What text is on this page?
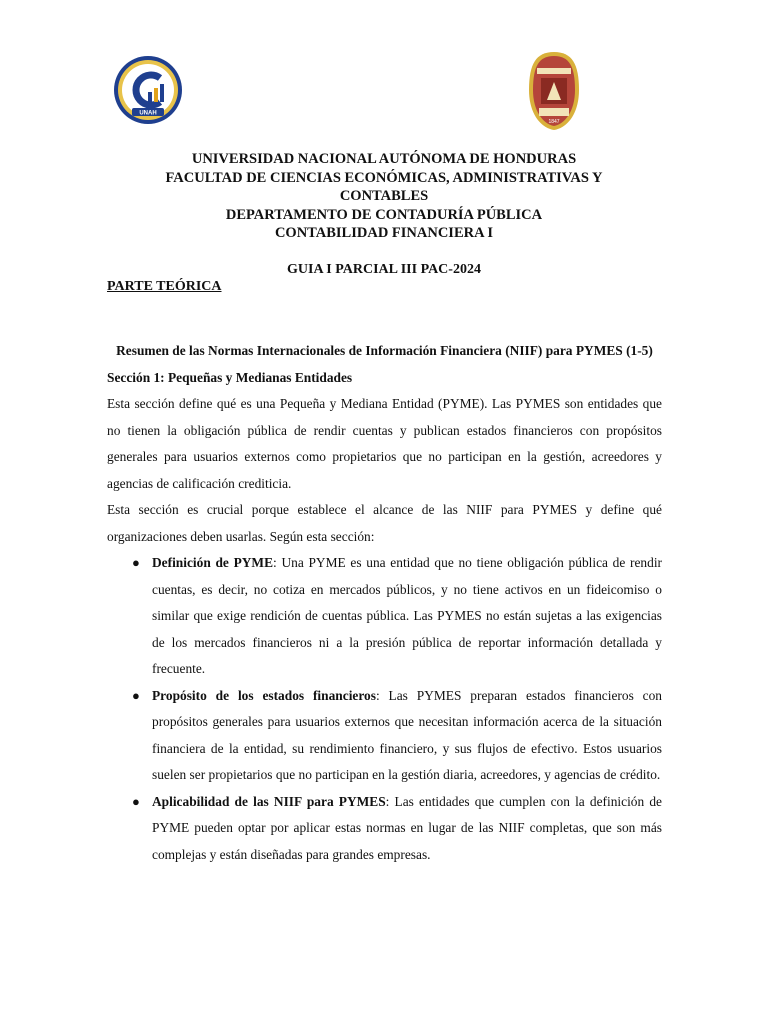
UNAH
1847
UNIVERSIDAD NACIONAL AUTÓNOMA DE HONDURAS
FACULTAD DE CIENCIAS ECONÓMICAS, ADMINISTRATIVAS Y
CONTABLES
DEPARTAMENTO DE CONTADURÍA PÚBLICA
CONTABILIDAD FINANCIERA I
GUIA I PARCIAL III PAC-2024
PARTE TEÓRICA

Resumen de las Normas Internacionales de Información Financiera (NIIF) para PYMES (1-5)

Sección 1: Pequeñas y Medianas Entidades

Esta sección define qué es una Pequeña y Mediana Entidad (PYME). Las PYMES son entidades que no tienen la obligación pública de rendir cuentas y publican estados financieros con propósitos generales para usuarios externos como propietarios que no participan en la gestión, acreedores y agencias de calificación crediticia.

Esta sección es crucial porque establece el alcance de las NIIF para PYMES y define qué organizaciones deben usarlas. Según esta sección:

● Definición de PYME: Una PYME es una entidad que no tiene obligación pública de rendir cuentas, es decir, no cotiza en mercados públicos, y no tiene activos en un fideicomiso o similar que exige rendición de cuentas pública. Las PYMES no están sujetas a las exigencias de los mercados financieros ni a la presión pública de reportar información detallada y frecuente.
● Propósito de los estados financieros: Las PYMES preparan estados financieros con propósitos generales para usuarios externos que necesitan información acerca de la situación financiera de la entidad, su rendimiento financiero, y sus flujos de efectivo. Estos usuarios suelen ser propietarios que no participan en la gestión diaria, acreedores, y agencias de crédito.
● Aplicabilidad de las NIIF para PYMES: Las entidades que cumplen con la definición de PYME pueden optar por aplicar estas normas en lugar de las NIIF completas, que son más complejas y están diseñadas para grandes empresas.
